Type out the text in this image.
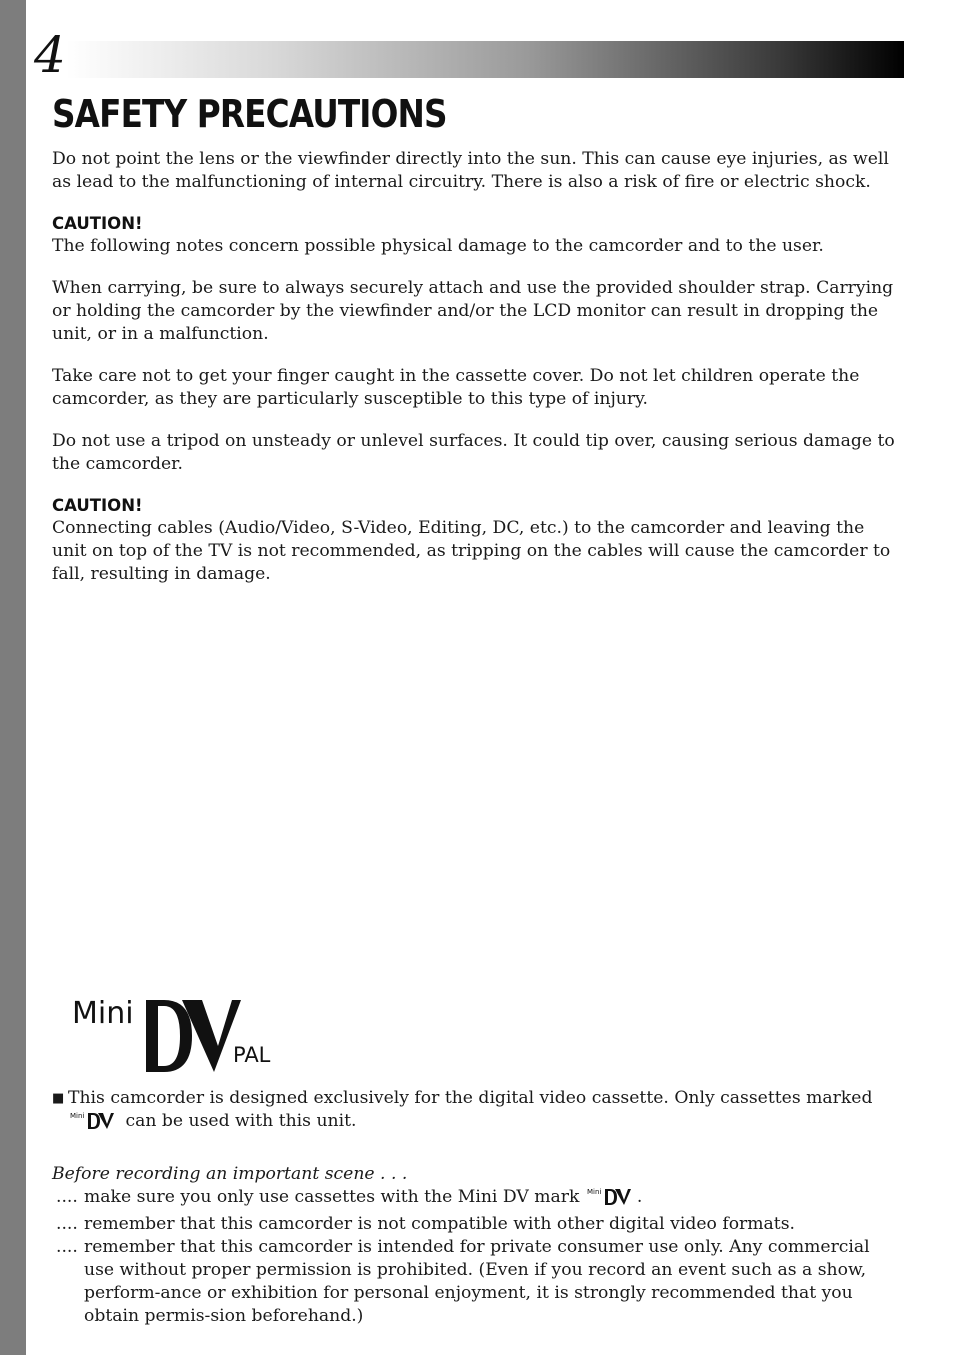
4
SAFETY PRECAUTIONS

Do not point the lens or the viewfinder directly into the sun. This can cause eye injuries, as well as lead to the malfunctioning of internal circuitry. There is also a risk of fire or electric shock.

CAUTION!

The following notes concern possible physical damage to the camcorder and to the user.

When carrying, be sure to always securely attach and use the provided shoulder strap. Carrying or holding the camcorder by the viewfinder and/or the LCD monitor can result in dropping the unit, or in a malfunction.

Take care not to get your finger caught in the cassette cover. Do not let children operate the camcorder, as they are particularly susceptible to this type of injury.

Do not use a tripod on unsteady or unlevel surfaces. It could tip over, causing serious damage to the camcorder.

CAUTION!

Connecting cables (Audio/Video, S-Video, Editing, DC, etc.) to the camcorder and leaving the unit on top of the TV is not recommended, as tripping on the cables will cause the camcorder to fall, resulting in damage.

Mini
PAL
■ This camcorder is designed exclusively for the digital video cassette. Only cassettes marked

Mini can be used with this unit.

Before recording an important scene . . .

.... make sure you only use cassettes with the Mini DV mark Mini .
.... remember that this camcorder is not compatible with other digital video formats.
.... remember that this camcorder is intended for private consumer use only. Any commercial use without proper permission is prohibited. (Even if you record an event such as a show, perform-ance or exhibition for personal enjoyment, it is strongly recommended that you obtain permis-sion beforehand.)
